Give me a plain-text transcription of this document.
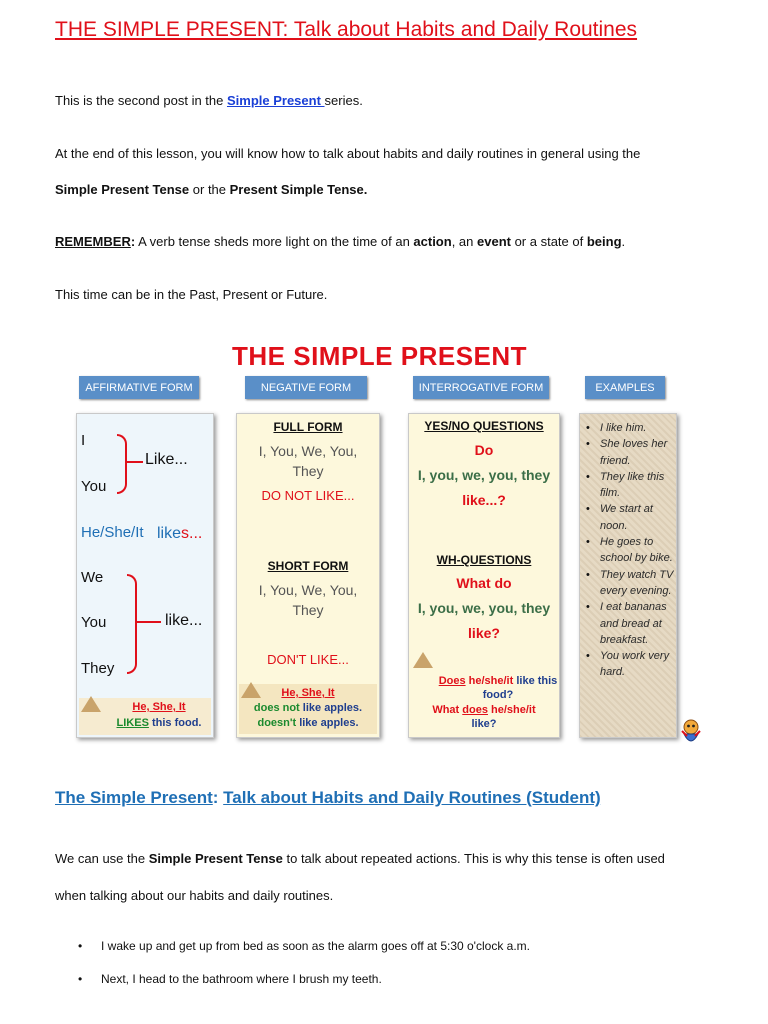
THE SIMPLE PRESENT: Talk about Habits and Daily Routines
This is the second post in the Simple Present series.
At the end of this lesson, you will know how to talk about habits and daily routines in general using the
Simple Present Tense or the Present Simple Tense.
REMEMBER: A verb tense sheds more light on the time of an action, an event or a state of being.
This time can be in the Past, Present or Future.
THE SIMPLE PRESENT
AFFIRMATIVE FORM	NEGATIVE FORM	INTERROGATIVE FORM	EXAMPLES
I
You
Like...
He/She/It likes...
We
You
They
like...
He, She, It
LIKES this food.
FULL FORM
I, You, We, You,
They
DO NOT LIKE...
SHORT FORM
I, You, We, You,
They
DON'T LIKE...
He, She, It
does not like apples.
doesn't like apples.
YES/NO QUESTIONS
Do
I, you, we, you, they
like...?
WH-QUESTIONS
What do
I, you, we, you, they
like?
Does he/she/it like this
food?
What does he/she/it
like?
• I like him.
• She loves her friend.
• They like this film.
• We start at noon.
• He goes to school by bike.
• They watch TV every evening.
• I eat bananas and bread at breakfast.
• You work very hard.
The Simple Present: Talk about Habits and Daily Routines (Student)
We can use the Simple Present Tense to talk about repeated actions. This is why this tense is often used
when talking about our habits and daily routines.
• I wake up and get up from bed as soon as the alarm goes off at 5:30 o'clock a.m.
• Next, I head to the bathroom where I brush my teeth.
